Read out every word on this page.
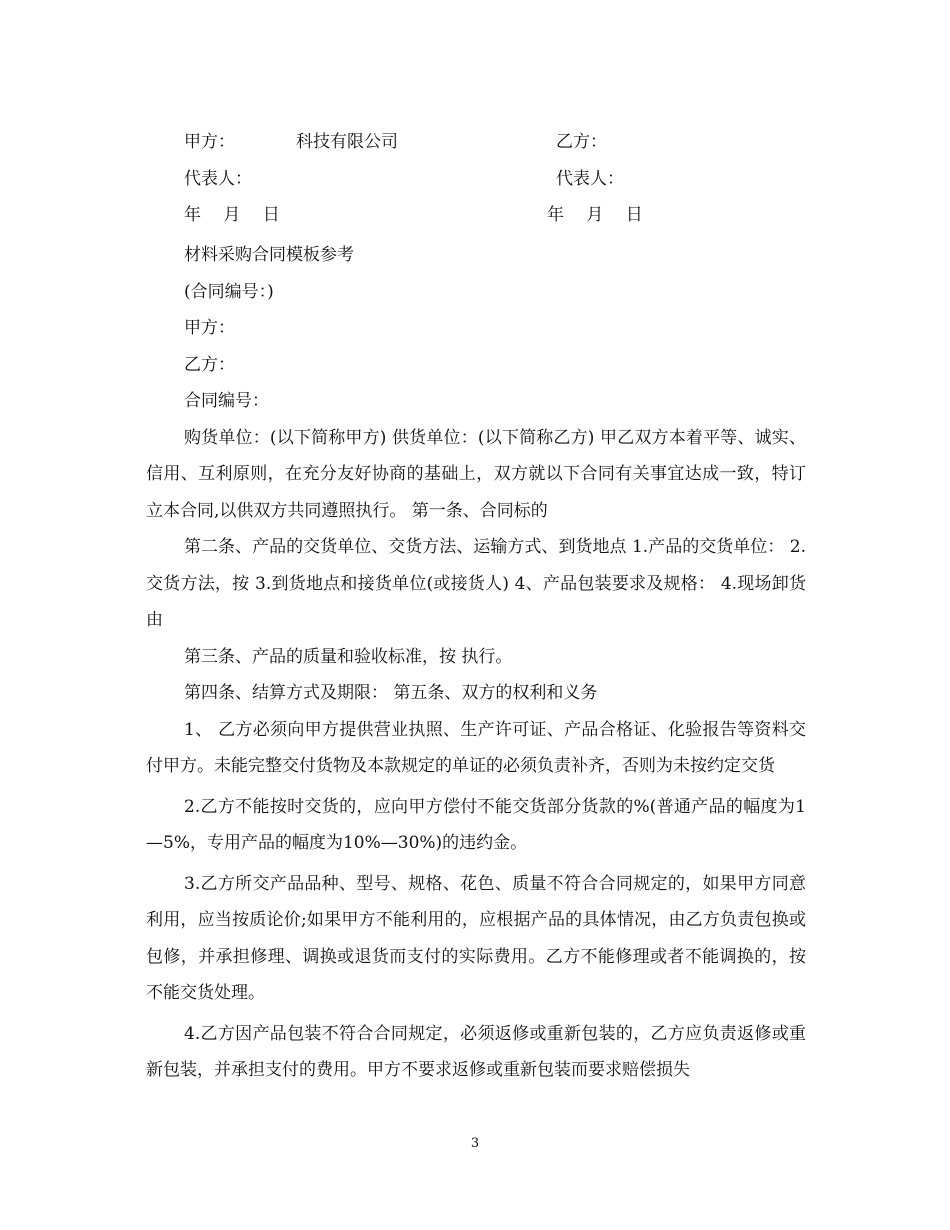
甲方：	科技有限公司	乙方：
代表人：	代表人：
年　 月　 日	年　 月　 日

材料采购合同模板参考

(合同编号：)

甲方：

乙方：

合同编号：

购货单位：(以下简称甲方) 供货单位：(以下简称乙方) 甲乙双方本着平等、诚实、信用、互利原则，在充分友好协商的基础上，双方就以下合同有关事宜达成一致，特订立本合同,以供双方共同遵照执行。 第一条、合同标的

第二条、产品的交货单位、交货方法、运输方式、到货地点 1.产品的交货单位： 2.交货方法，按 3.到货地点和接货单位(或接货人) 4、产品包装要求及规格： 4.现场卸货由

第三条、产品的质量和验收标准，按 执行。

第四条、结算方式及期限： 第五条、双方的权利和义务

1、 乙方必须向甲方提供营业执照、生产许可证、产品合格证、化验报告等资料交付甲方。未能完整交付货物及本款规定的单证的必须负责补齐，否则为未按约定交货

2.乙方不能按时交货的，应向甲方偿付不能交货部分货款的%(普通产品的幅度为1—5%，专用产品的幅度为10%—30%)的违约金。

3.乙方所交产品品种、型号、规格、花色、质量不符合合同规定的，如果甲方同意利用，应当按质论价;如果甲方不能利用的，应根据产品的具体情况，由乙方负责包换或包修，并承担修理、调换或退货而支付的实际费用。乙方不能修理或者不能调换的，按不能交货处理。

4.乙方因产品包装不符合合同规定，必须返修或重新包装的，乙方应负责返修或重新包装，并承担支付的费用。甲方不要求返修或重新包装而要求赔偿损失

3
